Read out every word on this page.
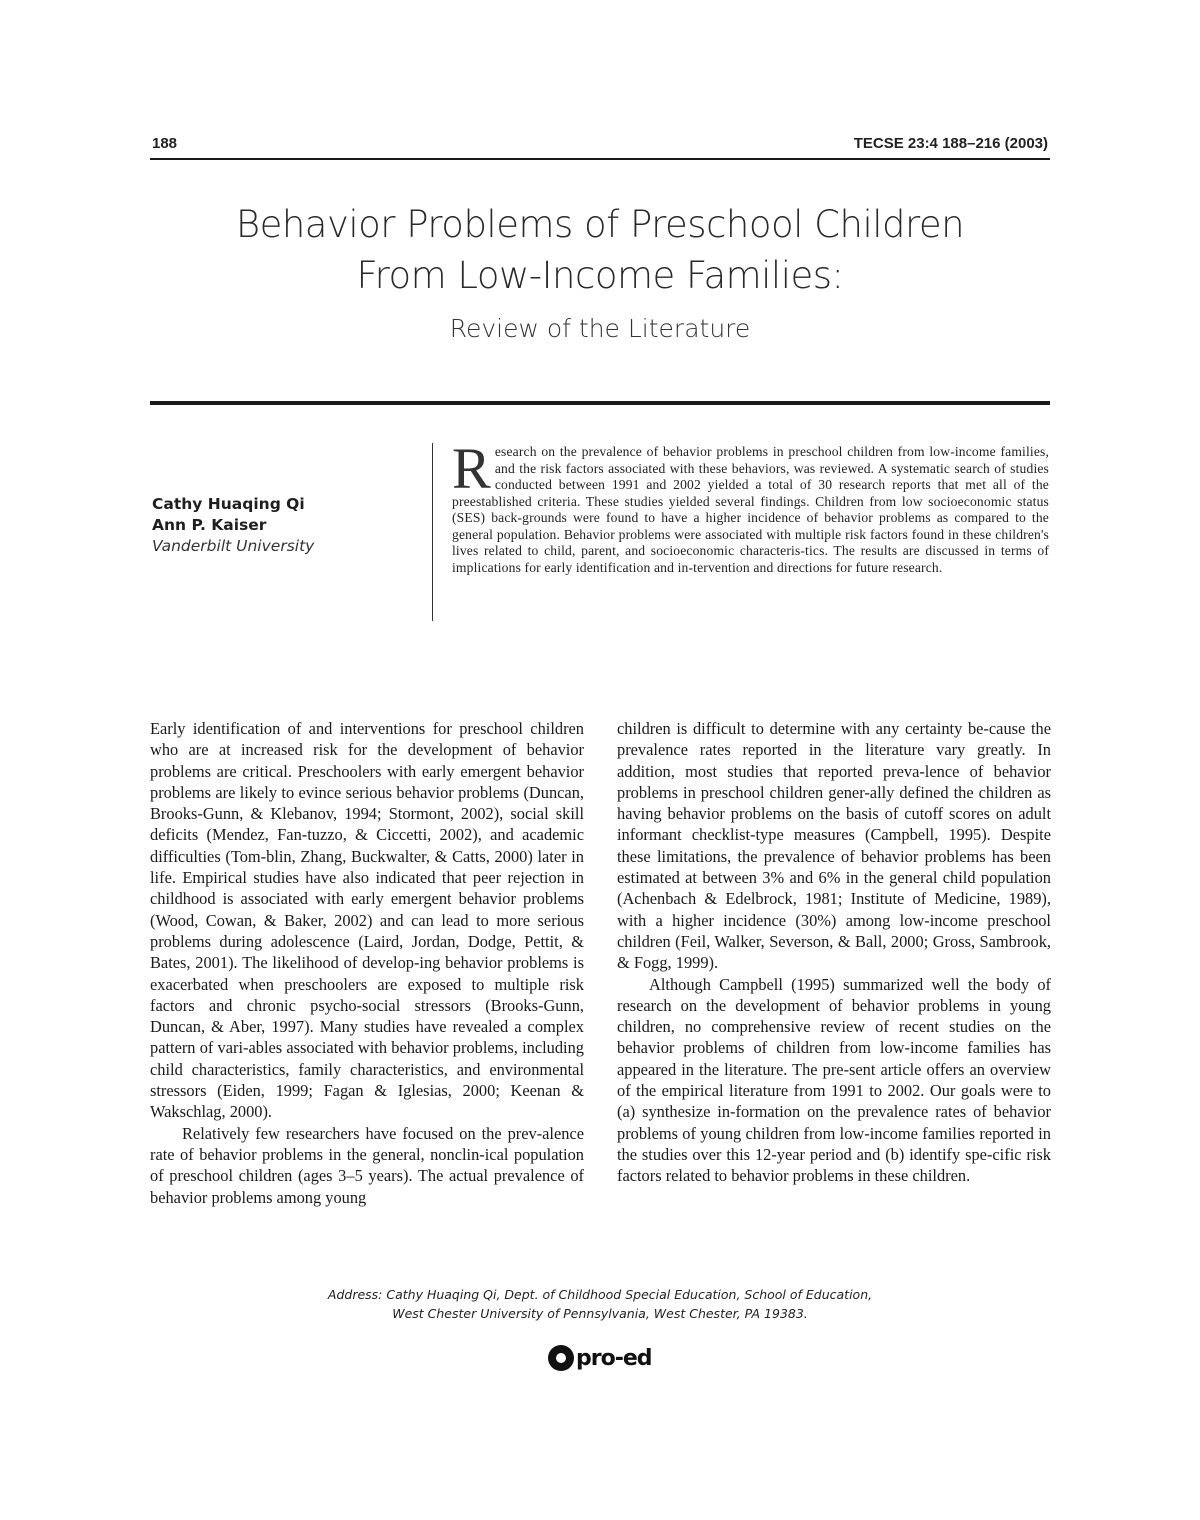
188	TECSE 23:4 188–216 (2003)
Behavior Problems of Preschool Children
From Low-Income Families:
Review of the Literature
Cathy Huaqing Qi
Ann P. Kaiser
Vanderbilt University
Research on the prevalence of behavior problems in preschool children from low-income families, and the risk factors associated with these behaviors, was reviewed. A systematic search of studies conducted between 1991 and 2002 yielded a total of 30 research reports that met all of the preestablished criteria. These studies yielded several findings. Children from low socioeconomic status (SES) back-grounds were found to have a higher incidence of behavior problems as compared to the general population. Behavior problems were associated with multiple risk factors found in these children's lives related to child, parent, and socioeconomic characteris-tics. The results are discussed in terms of implications for early identification and in-tervention and directions for future research.

Early identification of and interventions for preschool children who are at increased risk for the development of behavior problems are critical. Preschoolers with early emergent behavior problems are likely to evince serious behavior problems (Duncan, Brooks-Gunn, & Klebanov, 1994; Stormont, 2002), social skill deficits (Mendez, Fan-tuzzo, & Ciccetti, 2002), and academic difficulties (Tom-blin, Zhang, Buckwalter, & Catts, 2000) later in life. Empirical studies have also indicated that peer rejection in childhood is associated with early emergent behavior problems (Wood, Cowan, & Baker, 2002) and can lead to more serious problems during adolescence (Laird, Jordan, Dodge, Pettit, & Bates, 2001). The likelihood of develop-ing behavior problems is exacerbated when preschoolers are exposed to multiple risk factors and chronic psycho-social stressors (Brooks-Gunn, Duncan, & Aber, 1997). Many studies have revealed a complex pattern of vari-ables associated with behavior problems, including child characteristics, family characteristics, and environmental stressors (Eiden, 1999; Fagan & Iglesias, 2000; Keenan & Wakschlag, 2000).

Relatively few researchers have focused on the prev-alence rate of behavior problems in the general, nonclin-ical population of preschool children (ages 3–5 years). The actual prevalence of behavior problems among young

children is difficult to determine with any certainty be-cause the prevalence rates reported in the literature vary greatly. In addition, most studies that reported preva-lence of behavior problems in preschool children gener-ally defined the children as having behavior problems on the basis of cutoff scores on adult informant checklist-type measures (Campbell, 1995). Despite these limitations, the prevalence of behavior problems has been estimated at between 3% and 6% in the general child population (Achenbach & Edelbrock, 1981; Institute of Medicine, 1989), with a higher incidence (30%) among low-income preschool children (Feil, Walker, Severson, & Ball, 2000; Gross, Sambrook, & Fogg, 1999).

Although Campbell (1995) summarized well the body of research on the development of behavior problems in young children, no comprehensive review of recent studies on the behavior problems of children from low-income families has appeared in the literature. The pre-sent article offers an overview of the empirical literature from 1991 to 2002. Our goals were to (a) synthesize in-formation on the prevalence rates of behavior problems of young children from low-income families reported in the studies over this 12-year period and (b) identify spe-cific risk factors related to behavior problems in these children.

Address: Cathy Huaqing Qi, Dept. of Childhood Special Education, School of Education,
West Chester University of Pennsylvania, West Chester, PA 19383.
pro-ed
